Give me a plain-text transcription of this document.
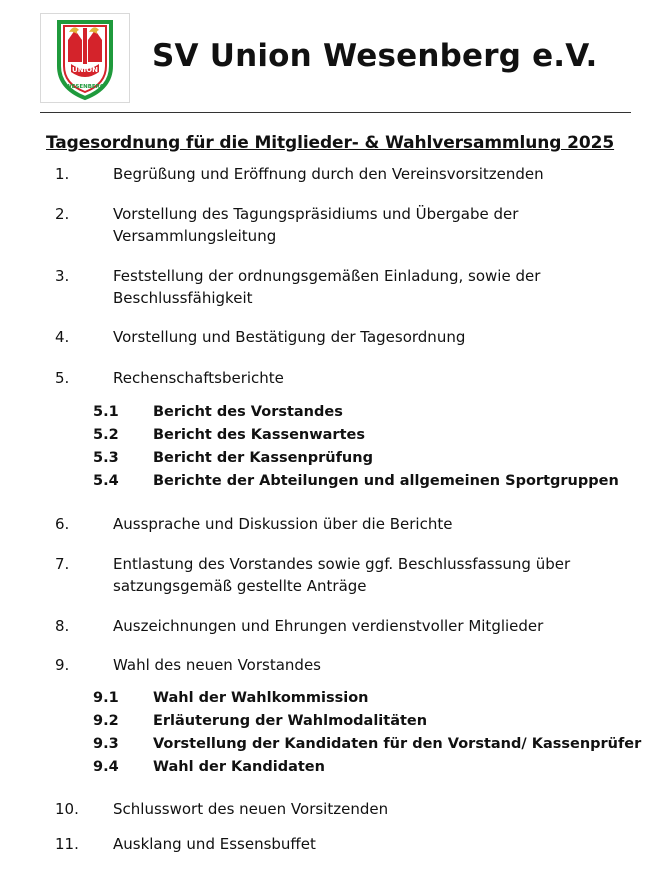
UNION
WESENBERG
SV Union Wesenberg e.V.
Tagesordnung für die Mitglieder- & Wahlversammlung 2025
1.	Begrüßung und Eröffnung durch den Vereinsvorsitzenden
2.	Vorstellung des Tagungspräsidiums und Übergabe der Versammlungsleitung
3.	Feststellung der ordnungsgemäßen Einladung, sowie der Beschlussfähigkeit
4.	Vorstellung und Bestätigung der Tagesordnung
5.	Rechenschaftsberichte
5.1 Bericht des Vorstandes
5.2 Bericht des Kassenwartes
5.3 Bericht der Kassenprüfung
5.4 Berichte der Abteilungen und allgemeinen Sportgruppen
6.	Aussprache und Diskussion über die Berichte
7.	Entlastung des Vorstandes sowie ggf. Beschlussfassung über satzungsgemäß gestellte Anträge
8.	Auszeichnungen und Ehrungen verdienstvoller Mitglieder
9.	Wahl des neuen Vorstandes
9.1 Wahl der Wahlkommission
9.2 Erläuterung der Wahlmodalitäten
9.3 Vorstellung der Kandidaten für den Vorstand/ Kassenprüfer
9.4 Wahl der Kandidaten
10. Schlusswort des neuen Vorsitzenden
11. Ausklang und Essensbuffet
